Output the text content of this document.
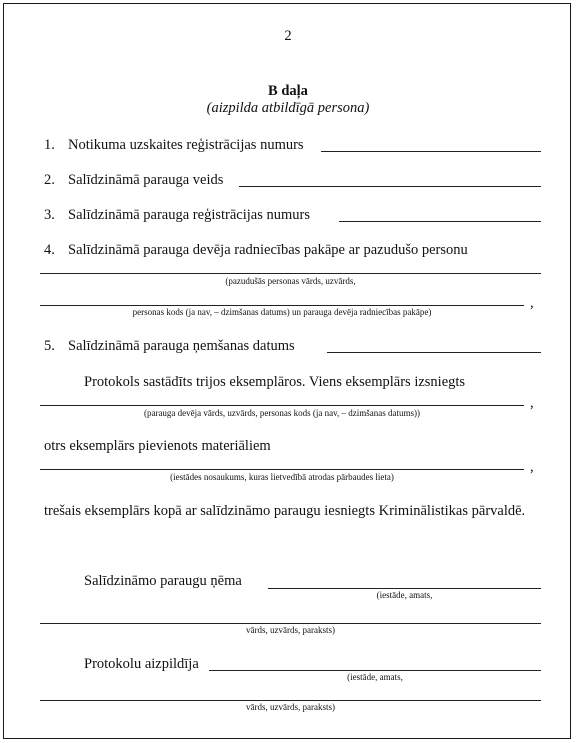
2
B daļa
(aizpilda atbildīgā persona)
1. Notikuma uzskaites reģistrācijas numurs
2. Salīdzināmā parauga veids
3. Salīdzināmā parauga reģistrācijas numurs
4. Salīdzināmā parauga devēja radniecības pakāpe ar pazudušo personu
(pazudušās personas vārds, uzvārds,
,
personas kods (ja nav, – dzimšanas datums) un parauga devēja radniecības pakāpe)
5. Salīdzināmā parauga ņemšanas datums
Protokols sastādīts trijos eksemplāros. Viens eksemplārs izsniegts
,
(parauga devēja vārds, uzvārds, personas kods (ja nav, – dzimšanas datums))
otrs eksemplārs pievienots materiāliem
,
(iestādes nosaukums, kuras lietvedībā atrodas pārbaudes lieta)
trešais eksemplārs kopā ar salīdzināmo paraugu iesniegts Kriminālistikas pārvaldē.
Salīdzināmo paraugu ņēma
(iestāde, amats,
vārds, uzvārds, paraksts)
Protokolu aizpildīja
(iestāde, amats,
vārds, uzvārds, paraksts)
